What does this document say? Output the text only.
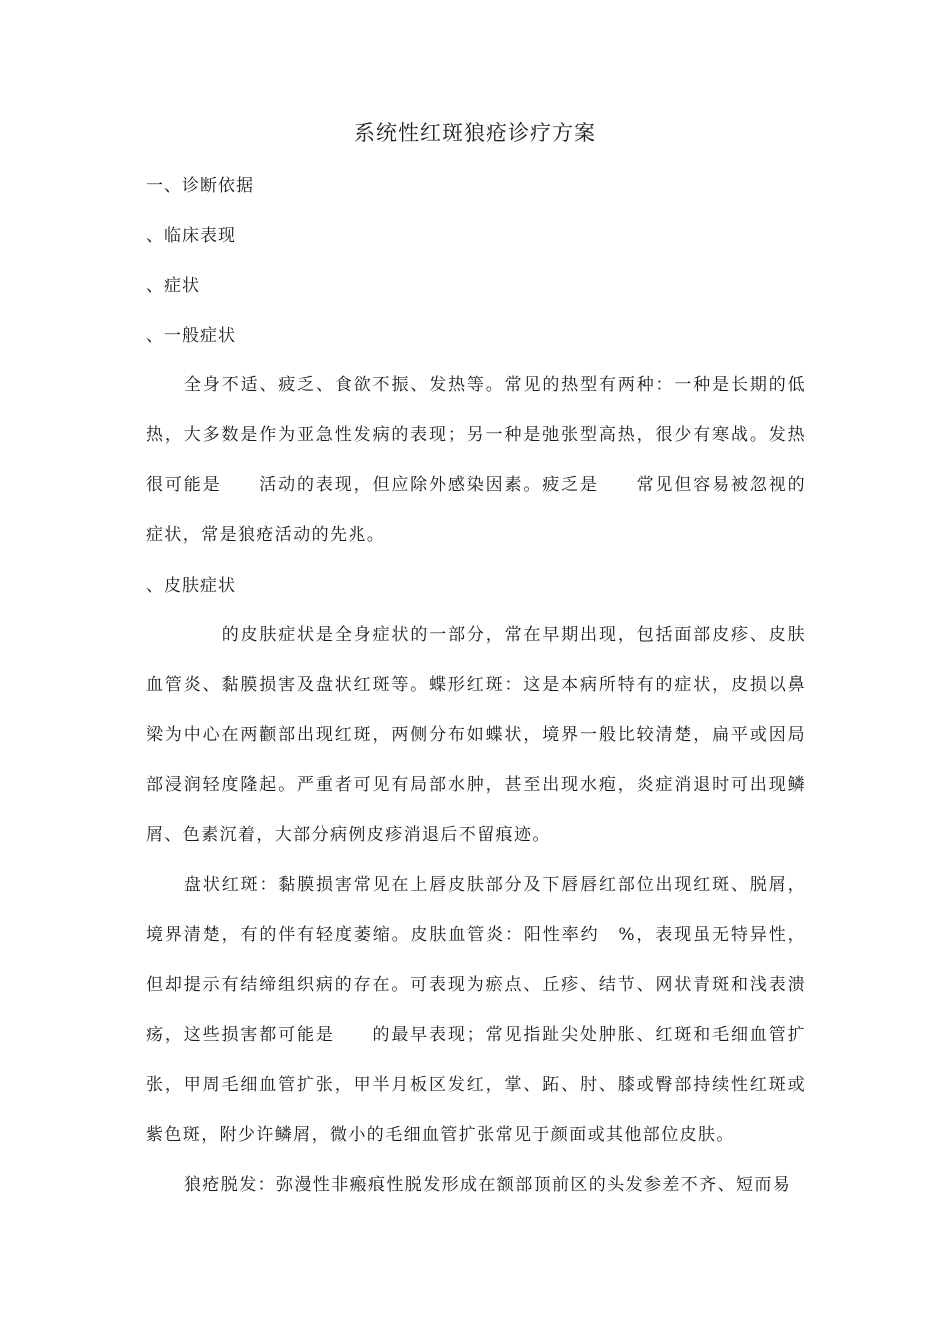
系统性红斑狼疮诊疗方案
一、诊断依据
、临床表现
、症状
、一般症状

全身不适、疲乏、食欲不振、发热等。常见的热型有两种：一种是长期的低热，大多数是作为亚急性发病的表现；另一种是弛张型高热，很少有寒战。发热很可能是　　活动的表现，但应除外感染因素。疲乏是　　常见但容易被忽视的症状，常是狼疮活动的先兆。

、皮肤症状

　　的皮肤症状是全身症状的一部分，常在早期出现，包括面部皮疹、皮肤血管炎、黏膜损害及盘状红斑等。蝶形红斑：这是本病所特有的症状，皮损以鼻梁为中心在两颧部出现红斑，两侧分布如蝶状，境界一般比较清楚，扁平或因局部浸润轻度隆起。严重者可见有局部水肿，甚至出现水疱，炎症消退时可出现鳞屑、色素沉着，大部分病例皮疹消退后不留痕迹。

盘状红斑：黏膜损害常见在上唇皮肤部分及下唇唇红部位出现红斑、脱屑，境界清楚，有的伴有轻度萎缩。皮肤血管炎：阳性率约　%，表现虽无特异性，但却提示有结缔组织病的存在。可表现为瘀点、丘疹、结节、网状青斑和浅表溃疡，这些损害都可能是　　的最早表现；常见指趾尖处肿胀、红斑和毛细血管扩张，甲周毛细血管扩张，甲半月板区发红，掌、跖、肘、膝或臀部持续性红斑或紫色斑，附少许鳞屑，微小的毛细血管扩张常见于颜面或其他部位皮肤。

狼疮脱发：弥漫性非瘢痕性脱发形成在额部顶前区的头发参差不齐、短而易
